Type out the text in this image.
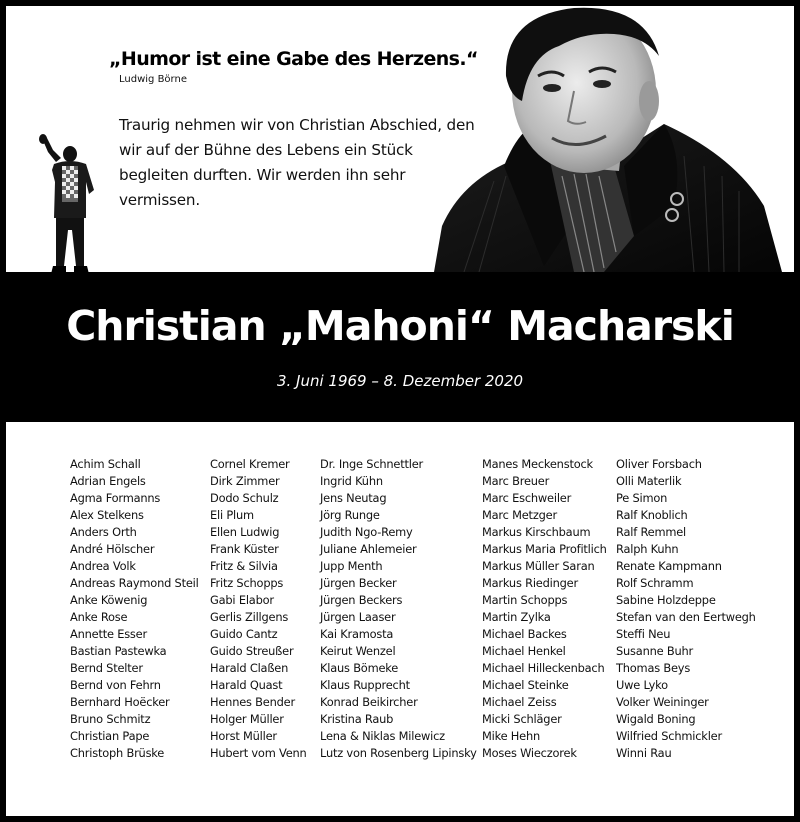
„Humor ist eine Gabe des Herzens.“
Ludwig Börne

Traurig nehmen wir von Christian Abschied, den wir auf der Bühne des Lebens ein Stück begleiten durften. Wir werden ihn sehr vermissen.

Christian „Mahoni“ Macharski
3. Juni 1969 – 8. Dezember 2020
Achim Schall
Adrian Engels
Agma Formanns
Alex Stelkens
Anders Orth
André Hölscher
Andrea Volk
Andreas Raymond Steil
Anke Köwenig
Anke Rose
Annette Esser
Bastian Pastewka
Bernd Stelter
Bernd von Fehrn
Bernhard Hoëcker
Bruno Schmitz
Christian Pape
Christoph Brüske
Cornel Kremer
Dirk Zimmer
Dodo Schulz
Eli Plum
Ellen Ludwig
Frank Küster
Fritz & Silvia
Fritz Schopps
Gabi Elabor
Gerlis Zillgens
Guido Cantz
Guido Streußer
Harald Claßen
Harald Quast
Hennes Bender
Holger Müller
Horst Müller
Hubert vom Venn
Dr. Inge Schnettler
Ingrid Kühn
Jens Neutag
Jörg Runge
Judith Ngo-Remy
Juliane Ahlemeier
Jupp Menth
Jürgen Becker
Jürgen Beckers
Jürgen Laaser
Kai Kramosta
Keirut Wenzel
Klaus Bömeke
Klaus Rupprecht
Konrad Beikircher
Kristina Raub
Lena & Niklas Milewicz
Lutz von Rosenberg Lipinsky
Manes Meckenstock
Marc Breuer
Marc Eschweiler
Marc Metzger
Markus Kirschbaum
Markus Maria Profitlich
Markus Müller Saran
Markus Riedinger
Martin Schopps
Martin Zylka
Michael Backes
Michael Henkel
Michael Hilleckenbach
Michael Steinke
Michael Zeiss
Micki Schläger
Mike Hehn
Moses Wieczorek
Oliver Forsbach
Olli Materlik
Pe Simon
Ralf Knoblich
Ralf Remmel
Ralph Kuhn
Renate Kampmann
Rolf Schramm
Sabine Holzdeppe
Stefan van den Eertwegh
Steffi Neu
Susanne Buhr
Thomas Beys
Uwe Lyko
Volker Weininger
Wigald Boning
Wilfried Schmickler
Winni Rau
